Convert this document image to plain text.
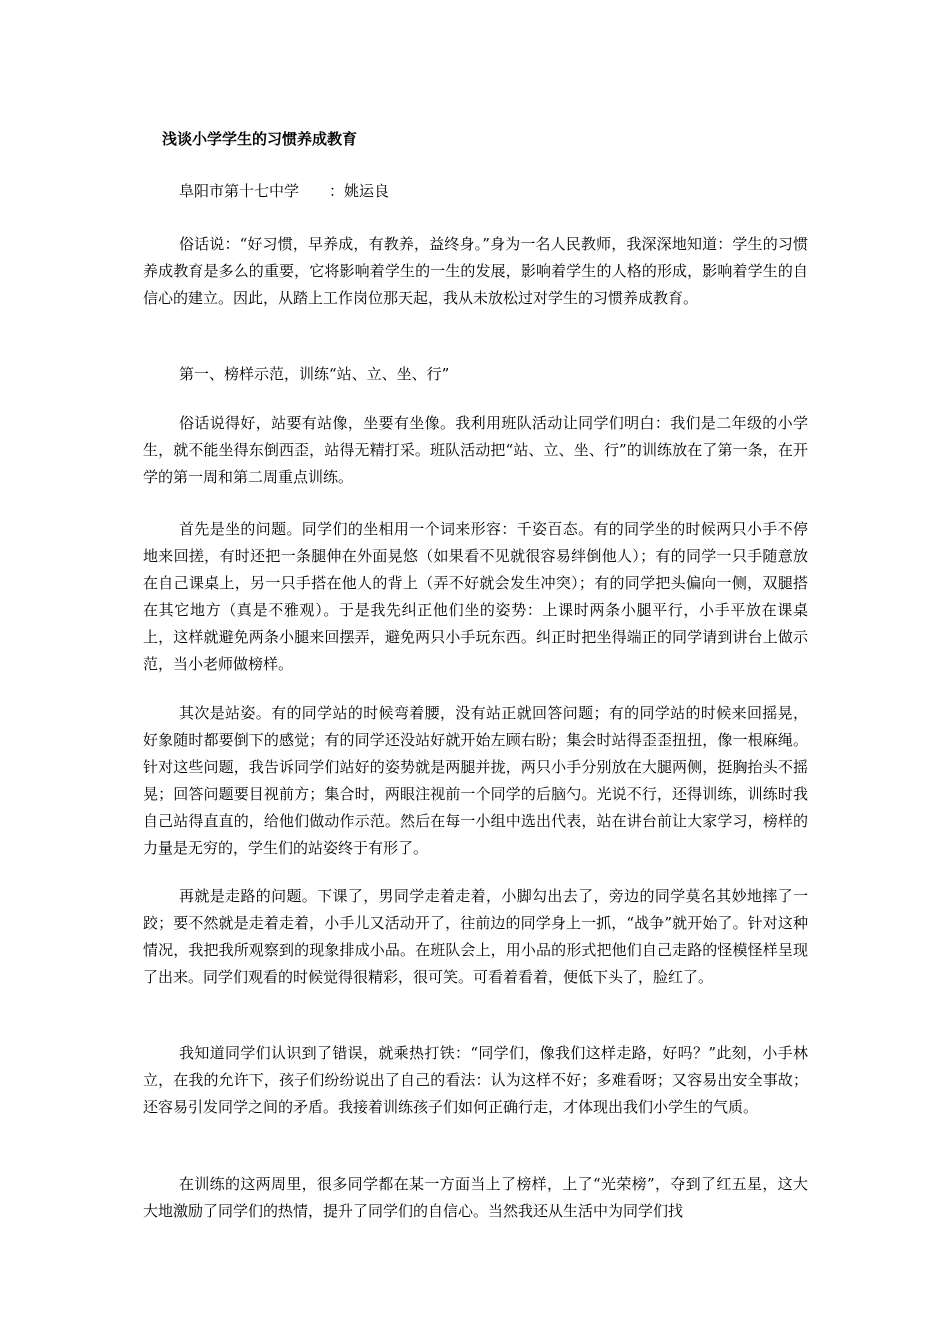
浅谈小学学生的习惯养成教育
阜阳市第十七中学 ：姚运良

俗话说：“好习惯，早养成，有教养，益终身。”身为一名人民教师，我深深地知道：学生的习惯养成教育是多么的重要，它将影响着学生的一生的发展，影响着学生的人格的形成，影响着学生的自信心的建立。因此，从踏上工作岗位那天起，我从未放松过对学生的习惯养成教育。

第一、榜样示范，训练“站、立、坐、行”

俗话说得好，站要有站像，坐要有坐像。我利用班队活动让同学们明白：我们是二年级的小学生，就不能坐得东倒西歪，站得无精打采。班队活动把“站、立、坐、行”的训练放在了第一条，在开学的第一周和第二周重点训练。

首先是坐的问题。同学们的坐相用一个词来形容：千姿百态。有的同学坐的时候两只小手不停地来回搓，有时还把一条腿伸在外面晃悠（如果看不见就很容易绊倒他人）；有的同学一只手随意放在自己课桌上，另一只手搭在他人的背上（弄不好就会发生冲突）；有的同学把头偏向一侧，双腿搭在其它地方（真是不雅观）。于是我先纠正他们坐的姿势：上课时两条小腿平行，小手平放在课桌上，这样就避免两条小腿来回摆弄，避免两只小手玩东西。纠正时把坐得端正的同学请到讲台上做示范，当小老师做榜样。

其次是站姿。有的同学站的时候弯着腰，没有站正就回答问题；有的同学站的时候来回摇晃，好象随时都要倒下的感觉；有的同学还没站好就开始左顾右盼；集会时站得歪歪扭扭，像一根麻绳。针对这些问题，我告诉同学们站好的姿势就是两腿并拢，两只小手分别放在大腿两侧，挺胸抬头不摇晃；回答问题要目视前方；集合时，两眼注视前一个同学的后脑勺。光说不行，还得训练，训练时我自己站得直直的，给他们做动作示范。然后在每一小组中选出代表，站在讲台前让大家学习，榜样的力量是无穷的，学生们的站姿终于有形了。

再就是走路的问题。下课了，男同学走着走着，小脚勾出去了，旁边的同学莫名其妙地摔了一跤；要不然就是走着走着，小手儿又活动开了，往前边的同学身上一抓，“战争”就开始了。针对这种情况，我把我所观察到的现象排成小品。在班队会上，用小品的形式把他们自己走路的怪模怪样呈现了出来。同学们观看的时候觉得很精彩，很可笑。可看着看着，便低下头了，脸红了。

我知道同学们认识到了错误，就乘热打铁：“同学们，像我们这样走路，好吗？”此刻，小手林立，在我的允许下，孩子们纷纷说出了自己的看法：认为这样不好；多难看呀；又容易出安全事故；还容易引发同学之间的矛盾。我接着训练孩子们如何正确行走，才体现出我们小学生的气质。

在训练的这两周里，很多同学都在某一方面当上了榜样，上了“光荣榜”，夺到了红五星，这大大地激励了同学们的热情，提升了同学们的自信心。当然我还从生活中为同学们找
